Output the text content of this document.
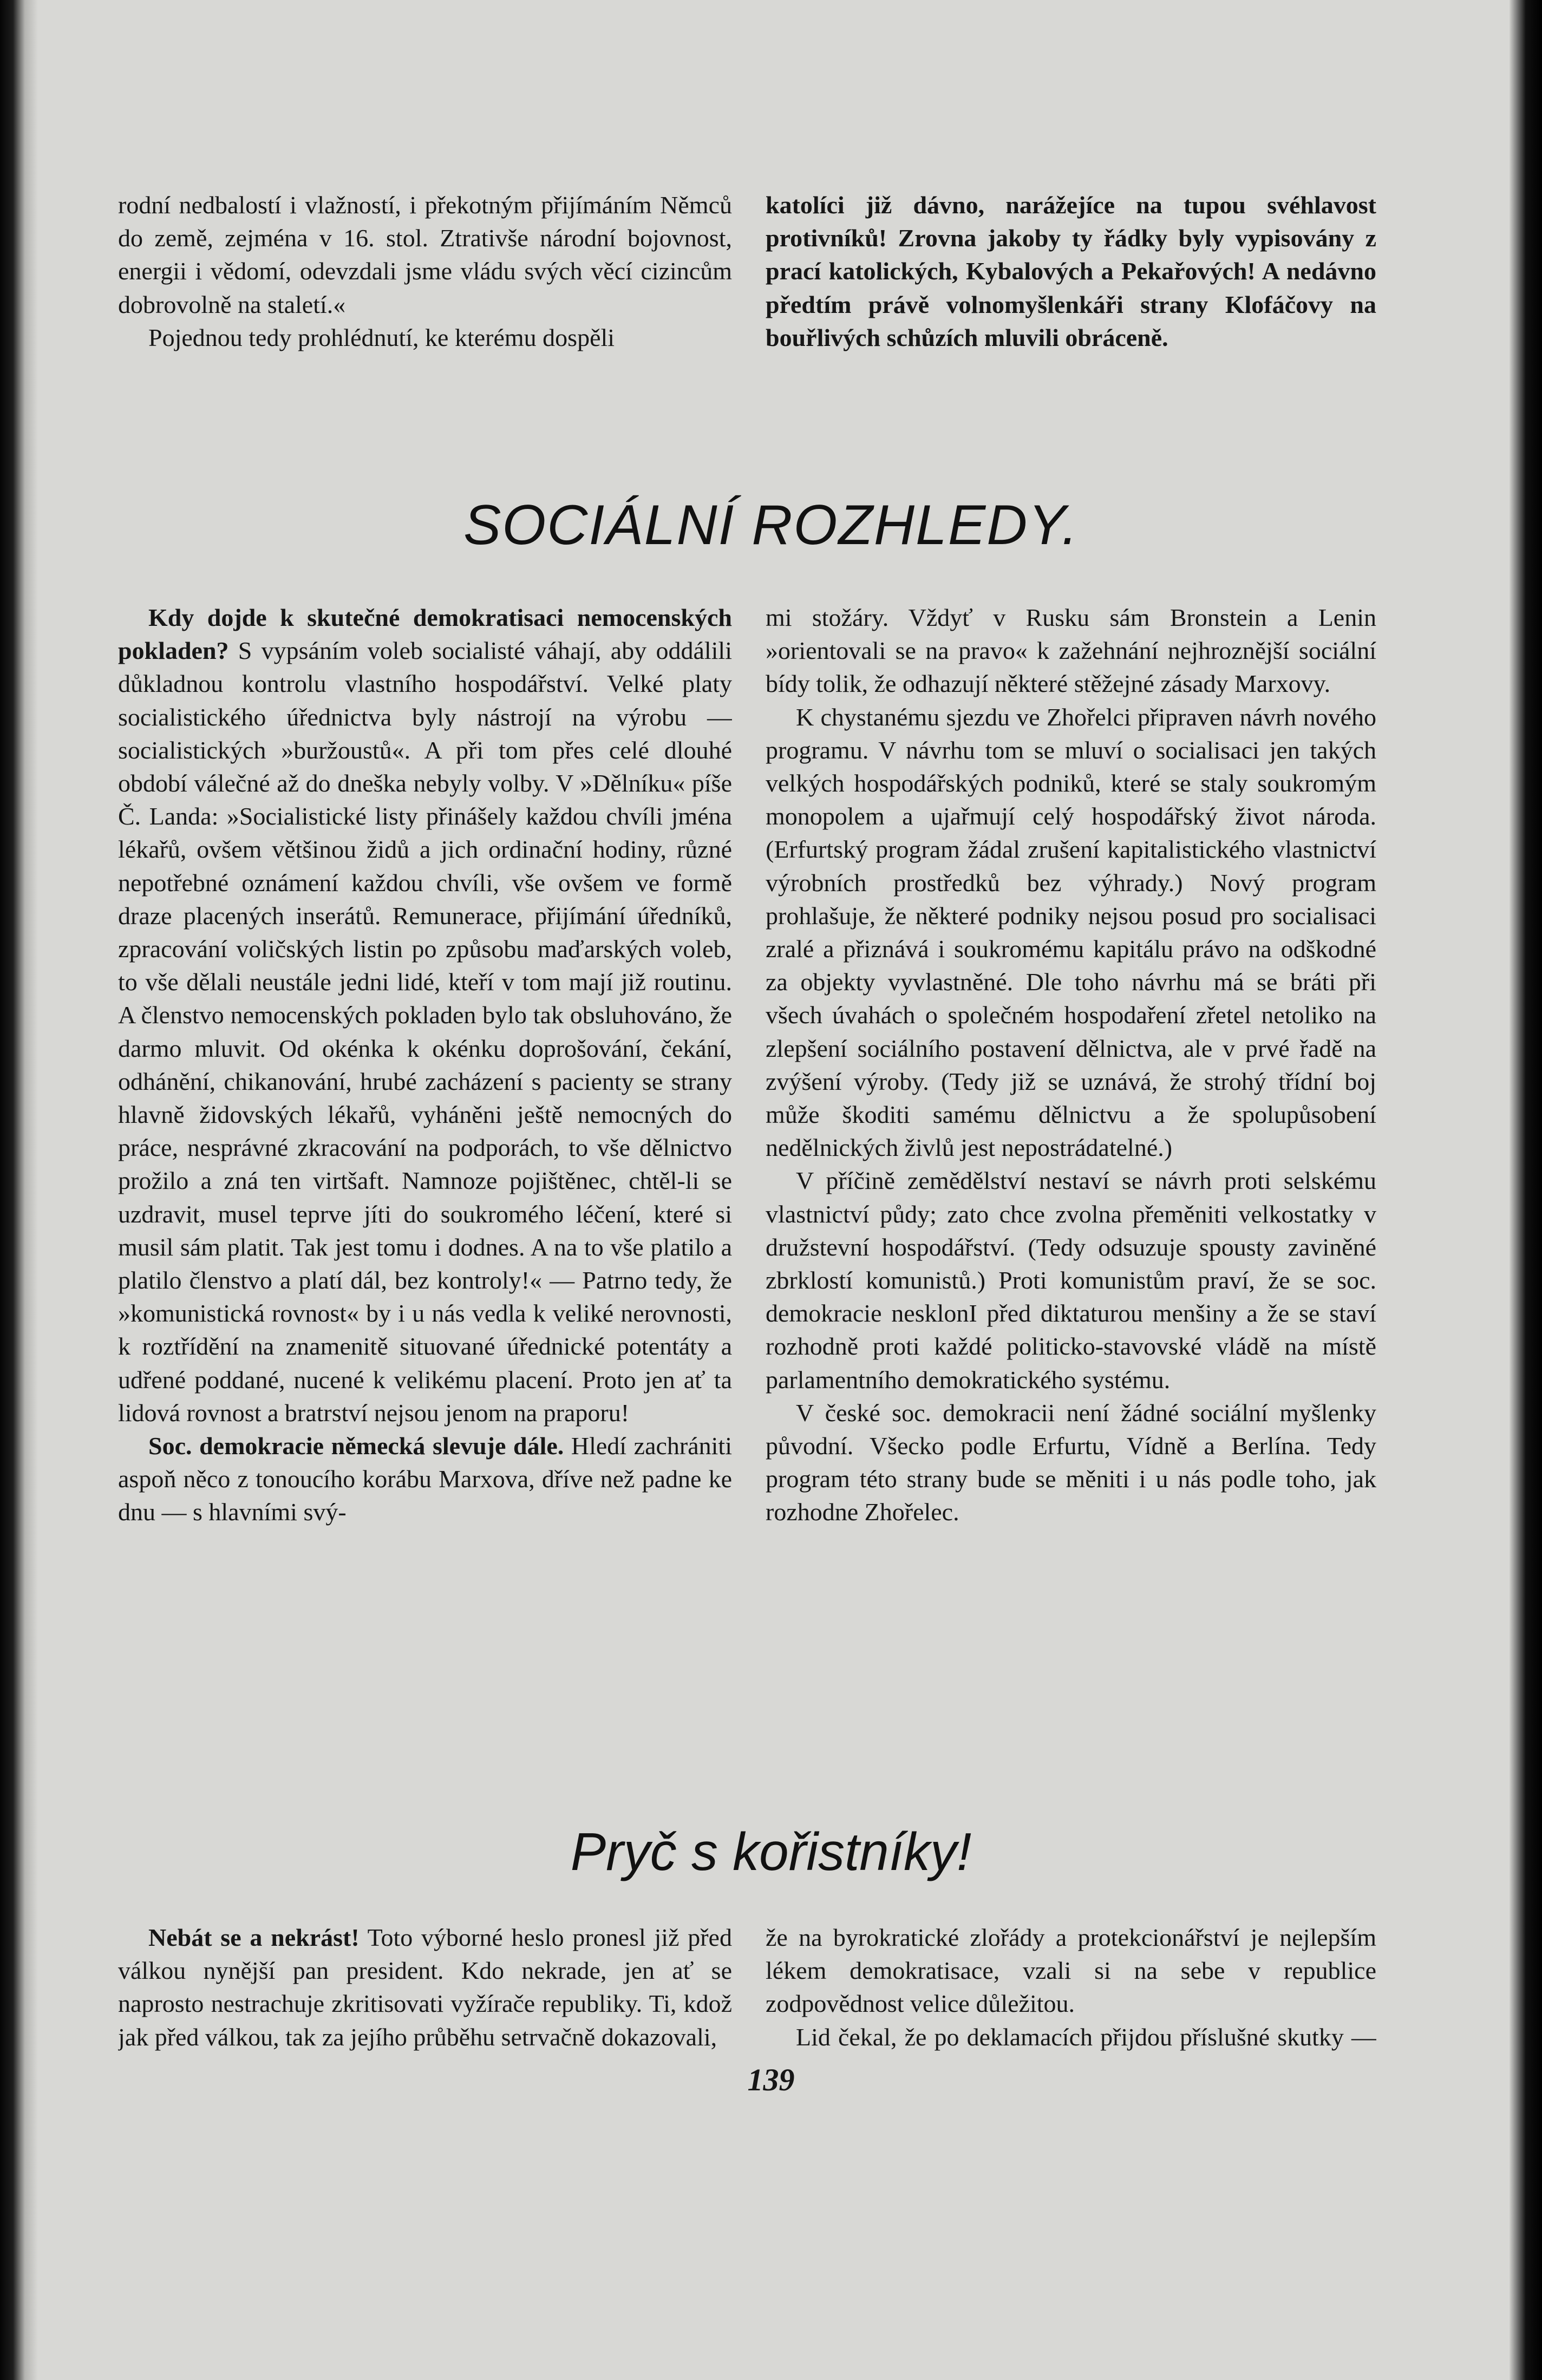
rodní nedbalostí i vlažností, i překotným přijímáním Němců do země, zejména v 16. stol. Ztrativše národní bojovnost, energii i vědomí, odevzdali jsme vládu svých věcí cizincům dobrovolně na staletí.«

Pojednou tedy prohlédnutí, ke kterému dospěli

katolíci již dávno, narážejíce na tupou svéhlavost protivníků! Zrovna jakoby ty řádky byly vypisovány z prací katolických, Kybalových a Pekařových! A nedávno předtím právě volnomyšlenkáři strany Klofáčovy na bouřlivých schůzích mluvili obráceně.

SOCIÁLNÍ ROZHLEDY.

Kdy dojde k skutečné demokratisaci nemocenských pokladen? S vypsáním voleb socialisté váhají, aby oddálili důkladnou kontrolu vlastního hospodářství. Velké platy socialistického úřednictva byly nástrojí na výrobu — socialistických »buržoustů«. A při tom přes celé dlouhé období válečné až do dneška nebyly volby. V »Dělníku« píše Č. Landa: »Socialistické listy přinášely každou chvíli jména lékařů, ovšem většinou židů a jich ordinační hodiny, různé nepotřebné oznámení každou chvíli, vše ovšem ve formě draze placených inserátů. Remunerace, přijímání úředníků, zpracování voličských listin po způsobu maďarských voleb, to vše dělali neustále jedni lidé, kteří v tom mají již routinu. A členstvo nemocenských pokladen bylo tak obsluhováno, že darmo mluvit. Od okénka k okénku doprošování, čekání, odhánění, chikanování, hrubé zacházení s pacienty se strany hlavně židovských lékařů, vyháněni ještě nemocných do práce, nesprávné zkracování na podporách, to vše dělnictvo prožilo a zná ten virtšaft. Namnoze pojištěnec, chtěl-li se uzdravit, musel teprve jíti do soukromého léčení, které si musil sám platit. Tak jest tomu i dodnes. A na to vše platilo a platilo členstvo a platí dál, bez kontroly!« — Patrno tedy, že »komunistická rovnost« by i u nás vedla k veliké nerovnosti, k roztřídění na znamenitě situované úřednické potentáty a udřené poddané, nucené k velikému placení. Proto jen ať ta lidová rovnost a bratrství nejsou jenom na praporu!

Soc. demokracie německá slevuje dále. Hledí zachrániti aspoň něco z tonoucího korábu Marxova, dříve než padne ke dnu — s hlavními svý-

mi stožáry. Vždyť v Rusku sám Bronstein a Lenin »orientovali se na pravo« k zažehnání nejhroznější sociální bídy tolik, že odhazují některé stěžejné zásady Marxovy.

K chystanému sjezdu ve Zhořelci připraven návrh nového programu. V návrhu tom se mluví o socialisaci jen takých velkých hospodářských podniků, které se staly soukromým monopolem a ujařmují celý hospodářský život národa. (Erfurtský program žádal zrušení kapitalistického vlastnictví výrobních prostředků bez výhrady.) Nový program prohlašuje, že některé podniky nejsou posud pro socialisaci zralé a přiznává i soukromému kapitálu právo na odškodné za objekty vyvlastněné. Dle toho návrhu má se bráti při všech úvahách o společném hospodaření zřetel netoliko na zlepšení sociálního postavení dělnictva, ale v prvé řadě na zvýšení výroby. (Tedy již se uznává, že strohý třídní boj může škoditi samému dělnictvu a že spolupůsobení nedělnických živlů jest nepostrádatelné.)

V příčině zemědělství nestaví se návrh proti selskému vlastnictví půdy; zato chce zvolna přeměniti velkostatky v družstevní hospodářství. (Tedy odsuzuje spousty zaviněné zbrklostí komunistů.) Proti komunistům praví, že se soc. demokracie nesklonI před diktaturou menšiny a že se staví rozhodně proti každé politicko-stavovské vládě na místě parlamentního demokratického systému.

V české soc. demokracii není žádné sociální myšlenky původní. Všecko podle Erfurtu, Vídně a Berlína. Tedy program této strany bude se měniti i u nás podle toho, jak rozhodne Zhořelec.

Pryč s kořistníky!

Nebát se a nekrást! Toto výborné heslo pronesl již před válkou nynější pan president. Kdo nekrade, jen ať se naprosto nestrachuje zkritisovati vyžírače republiky. Ti, kdož jak před válkou, tak za jejího průběhu setrvačně dokazovali,

že na byrokratické zlořády a protekcionářství je nejlepším lékem demokratisace, vzali si na sebe v republice zodpovědnost velice důležitou.

Lid čekal, že po deklamacích přijdou příslušné skutky —

139
